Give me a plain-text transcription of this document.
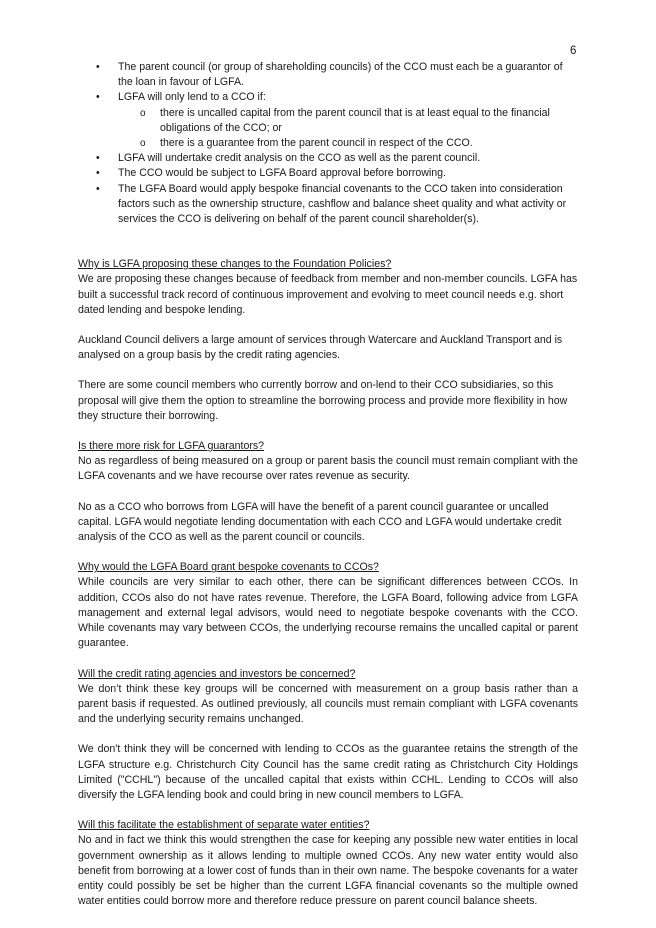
6
• The parent council (or group of shareholding councils) of the CCO must each be a guarantor of the loan in favour of LGFA.
• LGFA will only lend to a CCO if:
o there is uncalled capital from the parent council that is at least equal to the financial obligations of the CCO; or
o there is a guarantee from the parent council in respect of the CCO.
• LGFA will undertake credit analysis on the CCO as well as the parent council.
• The CCO would be subject to LGFA Board approval before borrowing.
• The LGFA Board would apply bespoke financial covenants to the CCO taken into consideration factors such as the ownership structure, cashflow and balance sheet quality and what activity or services the CCO is delivering on behalf of the parent council shareholder(s).

Why is LGFA proposing these changes to the Foundation Policies?

We are proposing these changes because of feedback from member and non-member councils. LGFA has built a successful track record of continuous improvement and evolving to meet council needs e.g. short dated lending and bespoke lending.

Auckland Council delivers a large amount of services through Watercare and Auckland Transport and is analysed on a group basis by the credit rating agencies.

There are some council members who currently borrow and on-lend to their CCO subsidiaries, so this proposal will give them the option to streamline the borrowing process and provide more flexibility in how they structure their borrowing.

Is there more risk for LGFA guarantors?

No as regardless of being measured on a group or parent basis the council must remain compliant with the LGFA covenants and we have recourse over rates revenue as security.

No as a CCO who borrows from LGFA will have the benefit of a parent council guarantee or uncalled capital. LGFA would negotiate lending documentation with each CCO and LGFA would undertake credit analysis of the CCO as well as the parent council or councils.

Why would the LGFA Board grant bespoke covenants to CCOs?

While councils are very similar to each other, there can be significant differences between CCOs. In addition, CCOs also do not have rates revenue. Therefore, the LGFA Board, following advice from LGFA management and external legal advisors, would need to negotiate bespoke covenants with the CCO. While covenants may vary between CCOs, the underlying recourse remains the uncalled capital or parent guarantee.

Will the credit rating agencies and investors be concerned?

We don’t think these key groups will be concerned with measurement on a group basis rather than a parent basis if requested. As outlined previously, all councils must remain compliant with LGFA covenants and the underlying security remains unchanged.

We don't think they will be concerned with lending to CCOs as the guarantee retains the strength of the LGFA structure e.g. Christchurch City Council has the same credit rating as Christchurch City Holdings Limited ("CCHL") because of the uncalled capital that exists within CCHL. Lending to CCOs will also diversify the LGFA lending book and could bring in new council members to LGFA.

Will this facilitate the establishment of separate water entities?

No and in fact we think this would strengthen the case for keeping any possible new water entities in local government ownership as it allows lending to multiple owned CCOs. Any new water entity would also benefit from borrowing at a lower cost of funds than in their own name. The bespoke covenants for a water entity could possibly be set be higher than the current LGFA financial covenants so the multiple owned water entities could borrow more and therefore reduce pressure on parent council balance sheets.
